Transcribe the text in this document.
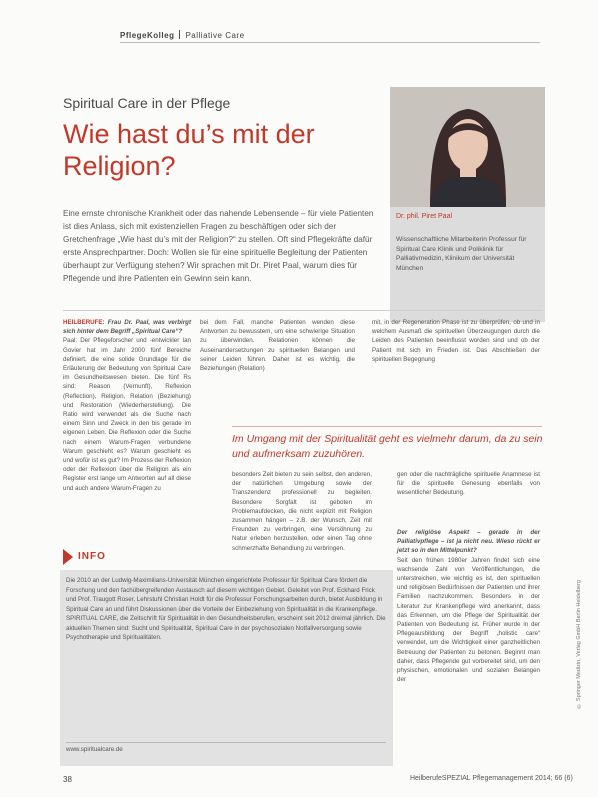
PflegeKolleg Palliative Care
Spiritual Care in der Pflege
Wie hast du’s mit der Religion?
Eine ernste chronische Krankheit oder das nahende Lebensende – für viele Patienten ist dies Anlass, sich mit existenziellen Fragen zu beschäftigen oder sich der Gretchenfrage „Wie hast du’s mit der Religion?“ zu stellen. Oft sind Pflegekräfte dafür erste Ansprechpartner. Doch: Wollen sie für eine spirituelle Begleitung der Patienten überhaupt zur Verfügung stehen? Wir sprachen mit Dr. Piret Paal, warum dies für Pflegende und ihre Patienten ein Gewinn sein kann.
Dr. phil. Piret Paal
Wissenschaftliche Mitarbeiterin Professur für Spiritual Care Klinik und Poliklinik für Palliativmedizin, Klinikum der Universität München
HEILBERUFE: Frau Dr. Paal, was verbirgt sich hinter dem Begriff „Spiritual Care“?
Paal: Der Pflegeforscher und -entwickler Ian Govier hat im Jahr 2000 fünf Bereiche definiert, die eine solide Grundlage für die Erläuterung der Bedeutung von Spiritual Care im Gesundheitswesen bieten. Die fünf Rs sind: Reason (Vernunft), Reflexion (Reflection), Religion, Relation (Beziehung) und Restoration (Wiederherstellung). Die Ratio wird verwendet als die Suche nach einem Sinn und Zweck in den bis gerade im eigenen Leben. Die Reflexion oder die Suche nach einem Warum-Fragen verbundene Warum geschieht es? Warum geschieht es und wofür ist es gut? Im Prozess der Reflexion oder der Reflexion über die Religion als ein Register erst lange um Antworten auf all diese und auch andere Warum-Fragen zu
bei dem Fall, manche Patienten wenden diese Antworten zu bewusstem, um eine schwierige Situation zu überwinden. Relationen können die Auseinandersetzungen zu spirituellen Belangen und seiner Leiden führen. Daher ist es wichtig, die Beziehungen (Relation)
mit, in der Regeneration Phase ist zu überprüfen, ob und in welchem Ausmaß die spirituellen Überzeugungen durch die Leiden des Patienten beeinflusst worden sind und ob der Patient mit sich im Frieden ist. Das Abschließen der spirituellen Begegnung
Im Umgang mit der Spiritualität geht es vielmehr darum, da zu sein und aufmerksam zuzuhören.
besonders Zeit bieten zu sein selbst, den anderen, der natürlichen Umgebung sowie der Transzendenz professionell zu begleiten. Besondere Sorgfalt ist geboten im Problemaufdecken, die nicht explizit mit Religion zusammen hängen – z.B. der Wunsch, Zeit mit Freunden zu verbringen, eine Versöhnung zu Natur erleben herzustellen, oder einen Tag ohne schmerzhafte Behandlung zu verbringen.
gen oder die nachträgliche spirituelle Anamnese ist für die spirituelle Genesung ebenfalls von wesentlicher Bedeutung.
Der religiöse Aspekt – gerade in der Palliativpflege – ist ja nicht neu. Wieso rückt er jetzt so in den Mittelpunkt?
Seit den frühen 1980er Jahren findet sich eine wachsende Zahl von Veröffentlichungen, die unterstreichen, wie wichtig es ist, den spirituellen und religiösen Bedürfnissen der Patienten und ihrer Familien nachzukommen. Besonders in der Literatur zur Krankenpflege wird anerkannt, dass das Erkennen, um die Pflege der Spiritualität der Patienten von Bedeutung ist. Früher wurde in der Pflegeausbildung der Begriff „holistic care“ verwendet, um die Wichtigkeit einer ganzheitlichen Betreuung der Patienten zu betonen. Beginnt man daher, dass Pflegende gut vorbereitet sind, um den physischen, emotionalen und sozialen Belangen der
INFO
Die 2010 an der Ludwig-Maximilians-Universität München eingerichtete Professur für Spiritual Care fördert die Forschung und den fachübergreifenden Austausch auf diesem wichtigen Gebiet. Geleitet von Prof. Eckhard Frick und Prof. Traugott Roser, Lehrstuhl Christian Holdt für die Professur Forschungsarbeiten durch, bietet Ausbildung in Spiritual Care an und führt Diskussionen über die Vorteile der Einbeziehung von Spiritualität in die Krankenpflege. SPIRITUAL CARE, die Zeitschrift für Spiritualität in den Gesundheitsberufen, erscheint seit 2012 dreimal jährlich. Die aktuellen Themen sind: Sucht und Spiritualität, Spiritual Care in der psychosozialen Notfallversorgung sowie Psychotherapie und Spiritualitäten.
www.spiritualcare.de
38	HeilberufeSPEZIAL Pflegemanagement 2014; 66 (6)
© Springer Medizin, Verlag GmbH Berlin Heidelberg
